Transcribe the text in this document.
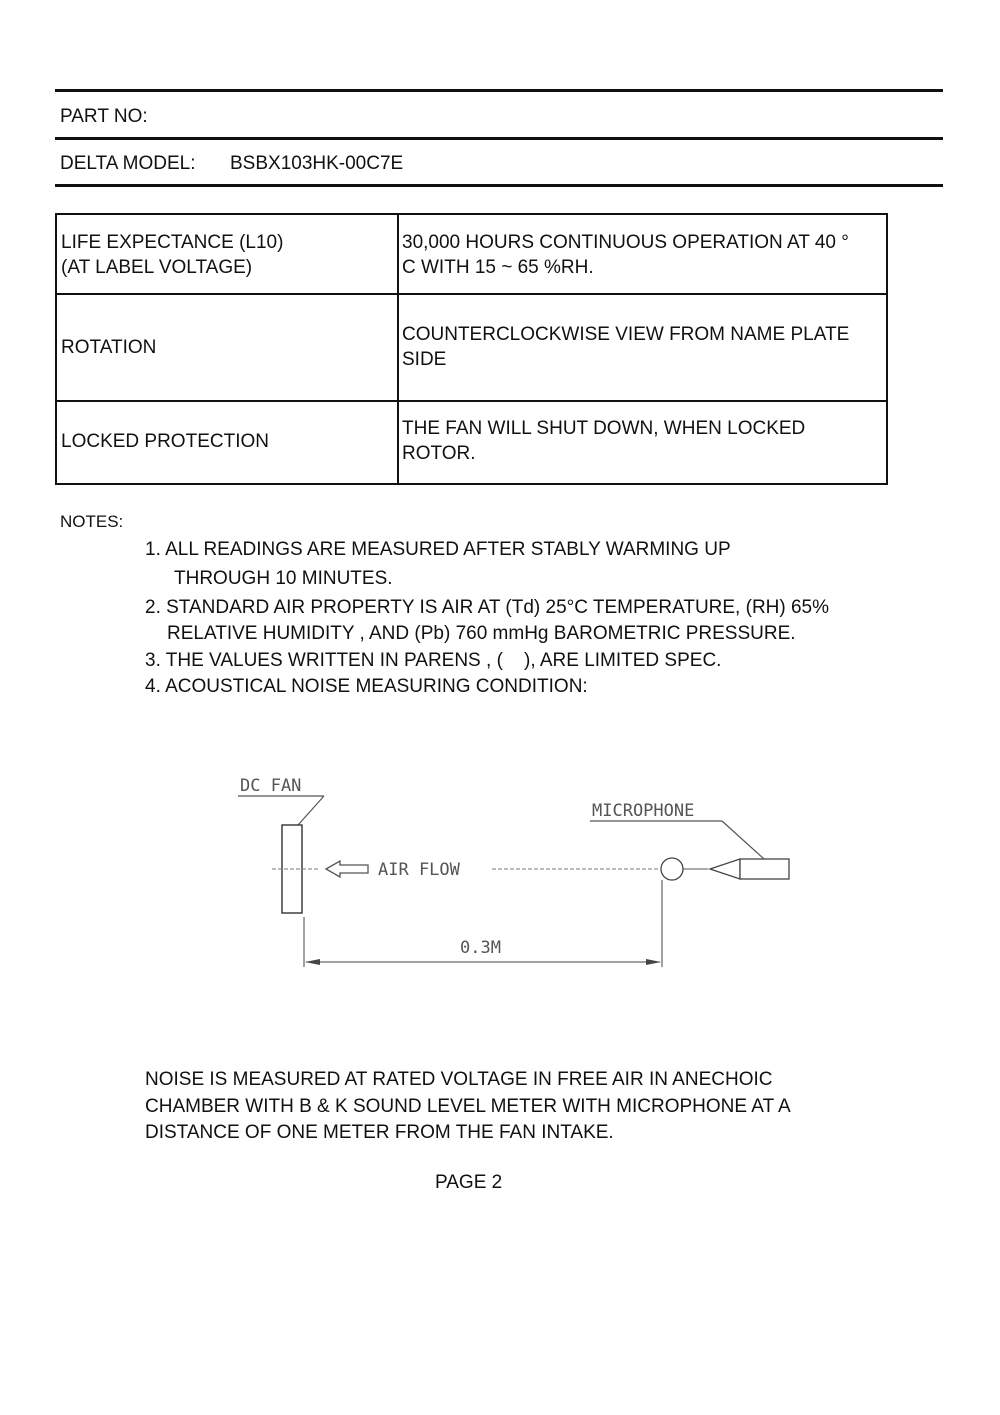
PART NO:
DELTA MODEL: BSBX103HK-00C7E
LIFE EXPECTANCE (L10)
(AT LABEL VOLTAGE)
30,000 HOURS CONTINUOUS OPERATION AT 40 °
C WITH 15 ~ 65 %RH.
ROTATION
COUNTERCLOCKWISE VIEW FROM NAME PLATE
SIDE
LOCKED PROTECTION
THE FAN WILL SHUT DOWN, WHEN LOCKED
ROTOR.
NOTES:
1. ALL READINGS ARE MEASURED AFTER STABLY WARMING UP
THROUGH 10 MINUTES.
2. STANDARD AIR PROPERTY IS AIR AT (Td) 25°C TEMPERATURE, (RH) 65%
RELATIVE HUMIDITY , AND (Pb) 760 mmHg BAROMETRIC PRESSURE.
3. THE VALUES WRITTEN IN PARENS , (    ), ARE LIMITED SPEC.
4. ACOUSTICAL NOISE MEASURING CONDITION:
DC FAN
AIR FLOW
MICROPHONE
0.3M
NOISE IS MEASURED AT RATED VOLTAGE IN FREE AIR IN ANECHOIC
CHAMBER WITH B & K SOUND LEVEL METER WITH MICROPHONE AT A
DISTANCE OF ONE METER FROM THE FAN INTAKE.
PAGE 2
